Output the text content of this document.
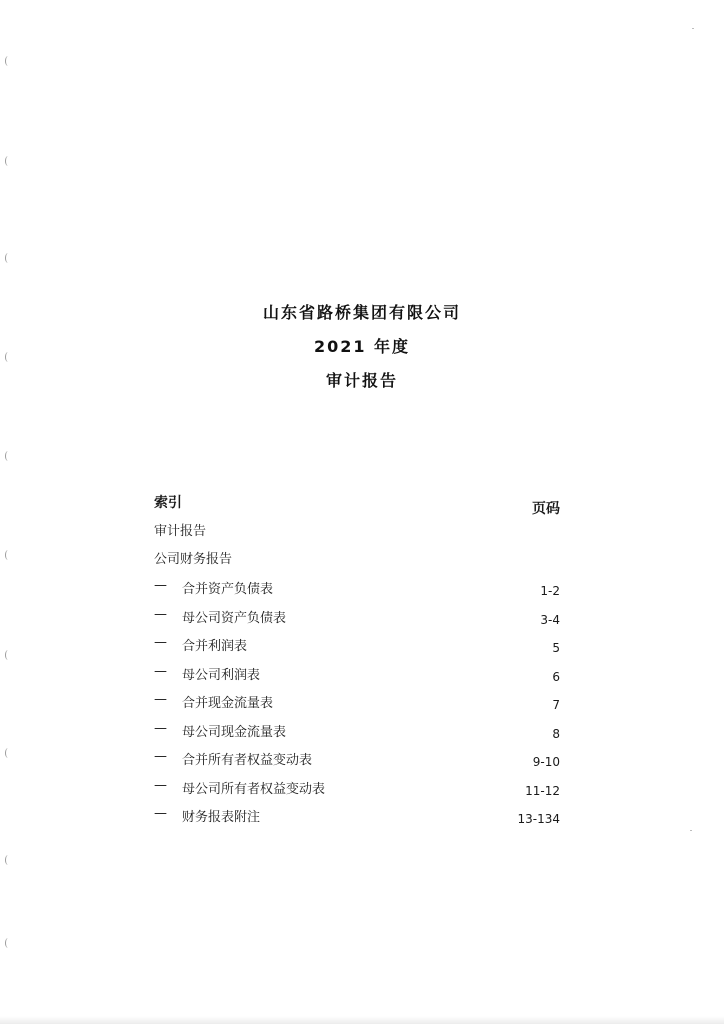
山东省路桥集团有限公司
2021 年度
审计报告
索引	页码
审计报告
公司财务报告
— 合并资产负债表	1-2
— 母公司资产负债表	3-4
— 合并利润表	5
— 母公司利润表	6
— 合并现金流量表	7
— 母公司现金流量表	8
— 合并所有者权益变动表	9-10
— 母公司所有者权益变动表	11-12
— 财务报表附注	13-134
